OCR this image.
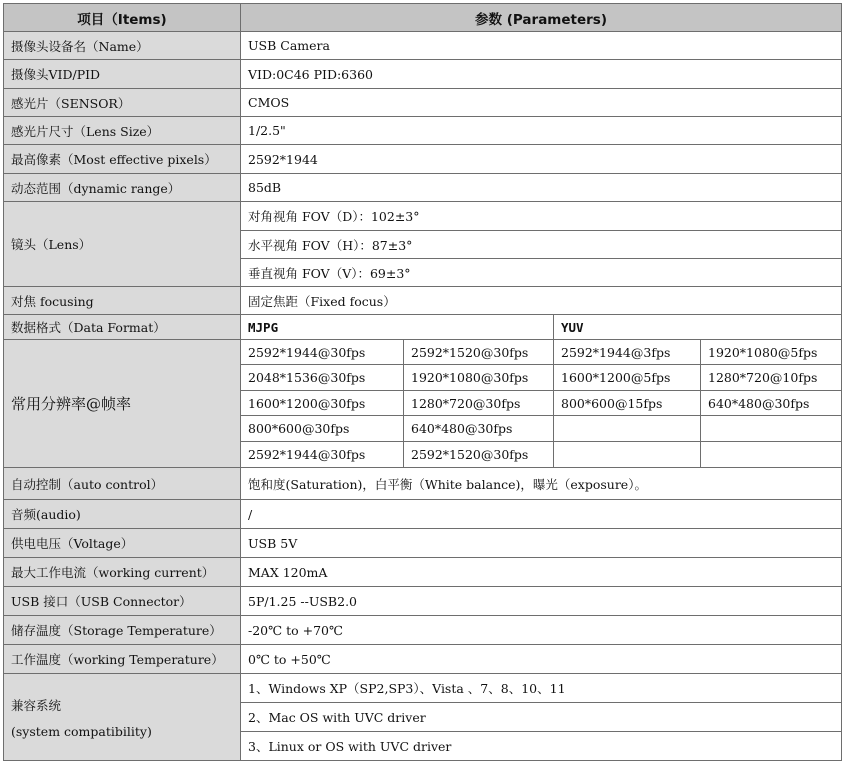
项目（Items)	参数 (Parameters)			
摄像头设备名（Name）	USB Camera			
摄像头VID/PID	VID:0C46 PID:6360			
感光片（SENSOR）	CMOS			
感光片尺寸（Lens Size）	1/2.5"			
最高像素（Most effective pixels）	2592*1944			
动态范围（dynamic range）	85dB			
镜头（Lens）	对角视角 FOV（D）：102±3°			
	水平视角 FOV（H）：87±3°			
	垂直视角 FOV（V）：69±3°			
对焦 focusing	固定焦距（Fixed focus）			
数据格式（Data Format）	MJPG		YUV	
常用分辨率@帧率	2592*1944@30fps	2592*1520@30fps	2592*1944@3fps	1920*1080@5fps
	2048*1536@30fps	1920*1080@30fps	1600*1200@5fps	1280*720@10fps
	1600*1200@30fps	1280*720@30fps	800*600@15fps	640*480@30fps
	800*600@30fps	640*480@30fps		
	2592*1944@30fps	2592*1520@30fps		
自动控制（auto control）	饱和度(Saturation)，白平衡（White balance)，曝光（exposure）。			
音频(audio)	/			
供电电压（Voltage）	USB 5V			
最大工作电流（working current）	MAX 120mA			
USB 接口（USB Connector）	5P/1.25 --USB2.0			
储存温度（Storage Temperature）	-20℃ to +70℃			
工作温度（working Temperature）	0℃ to +50℃			

兼容系统
(system compatibility)	1、Windows XP（SP2,SP3）、Vista 、7、8、10、11			
	2、Mac OS with UVC driver			
	3、Linux or OS with UVC driver			
